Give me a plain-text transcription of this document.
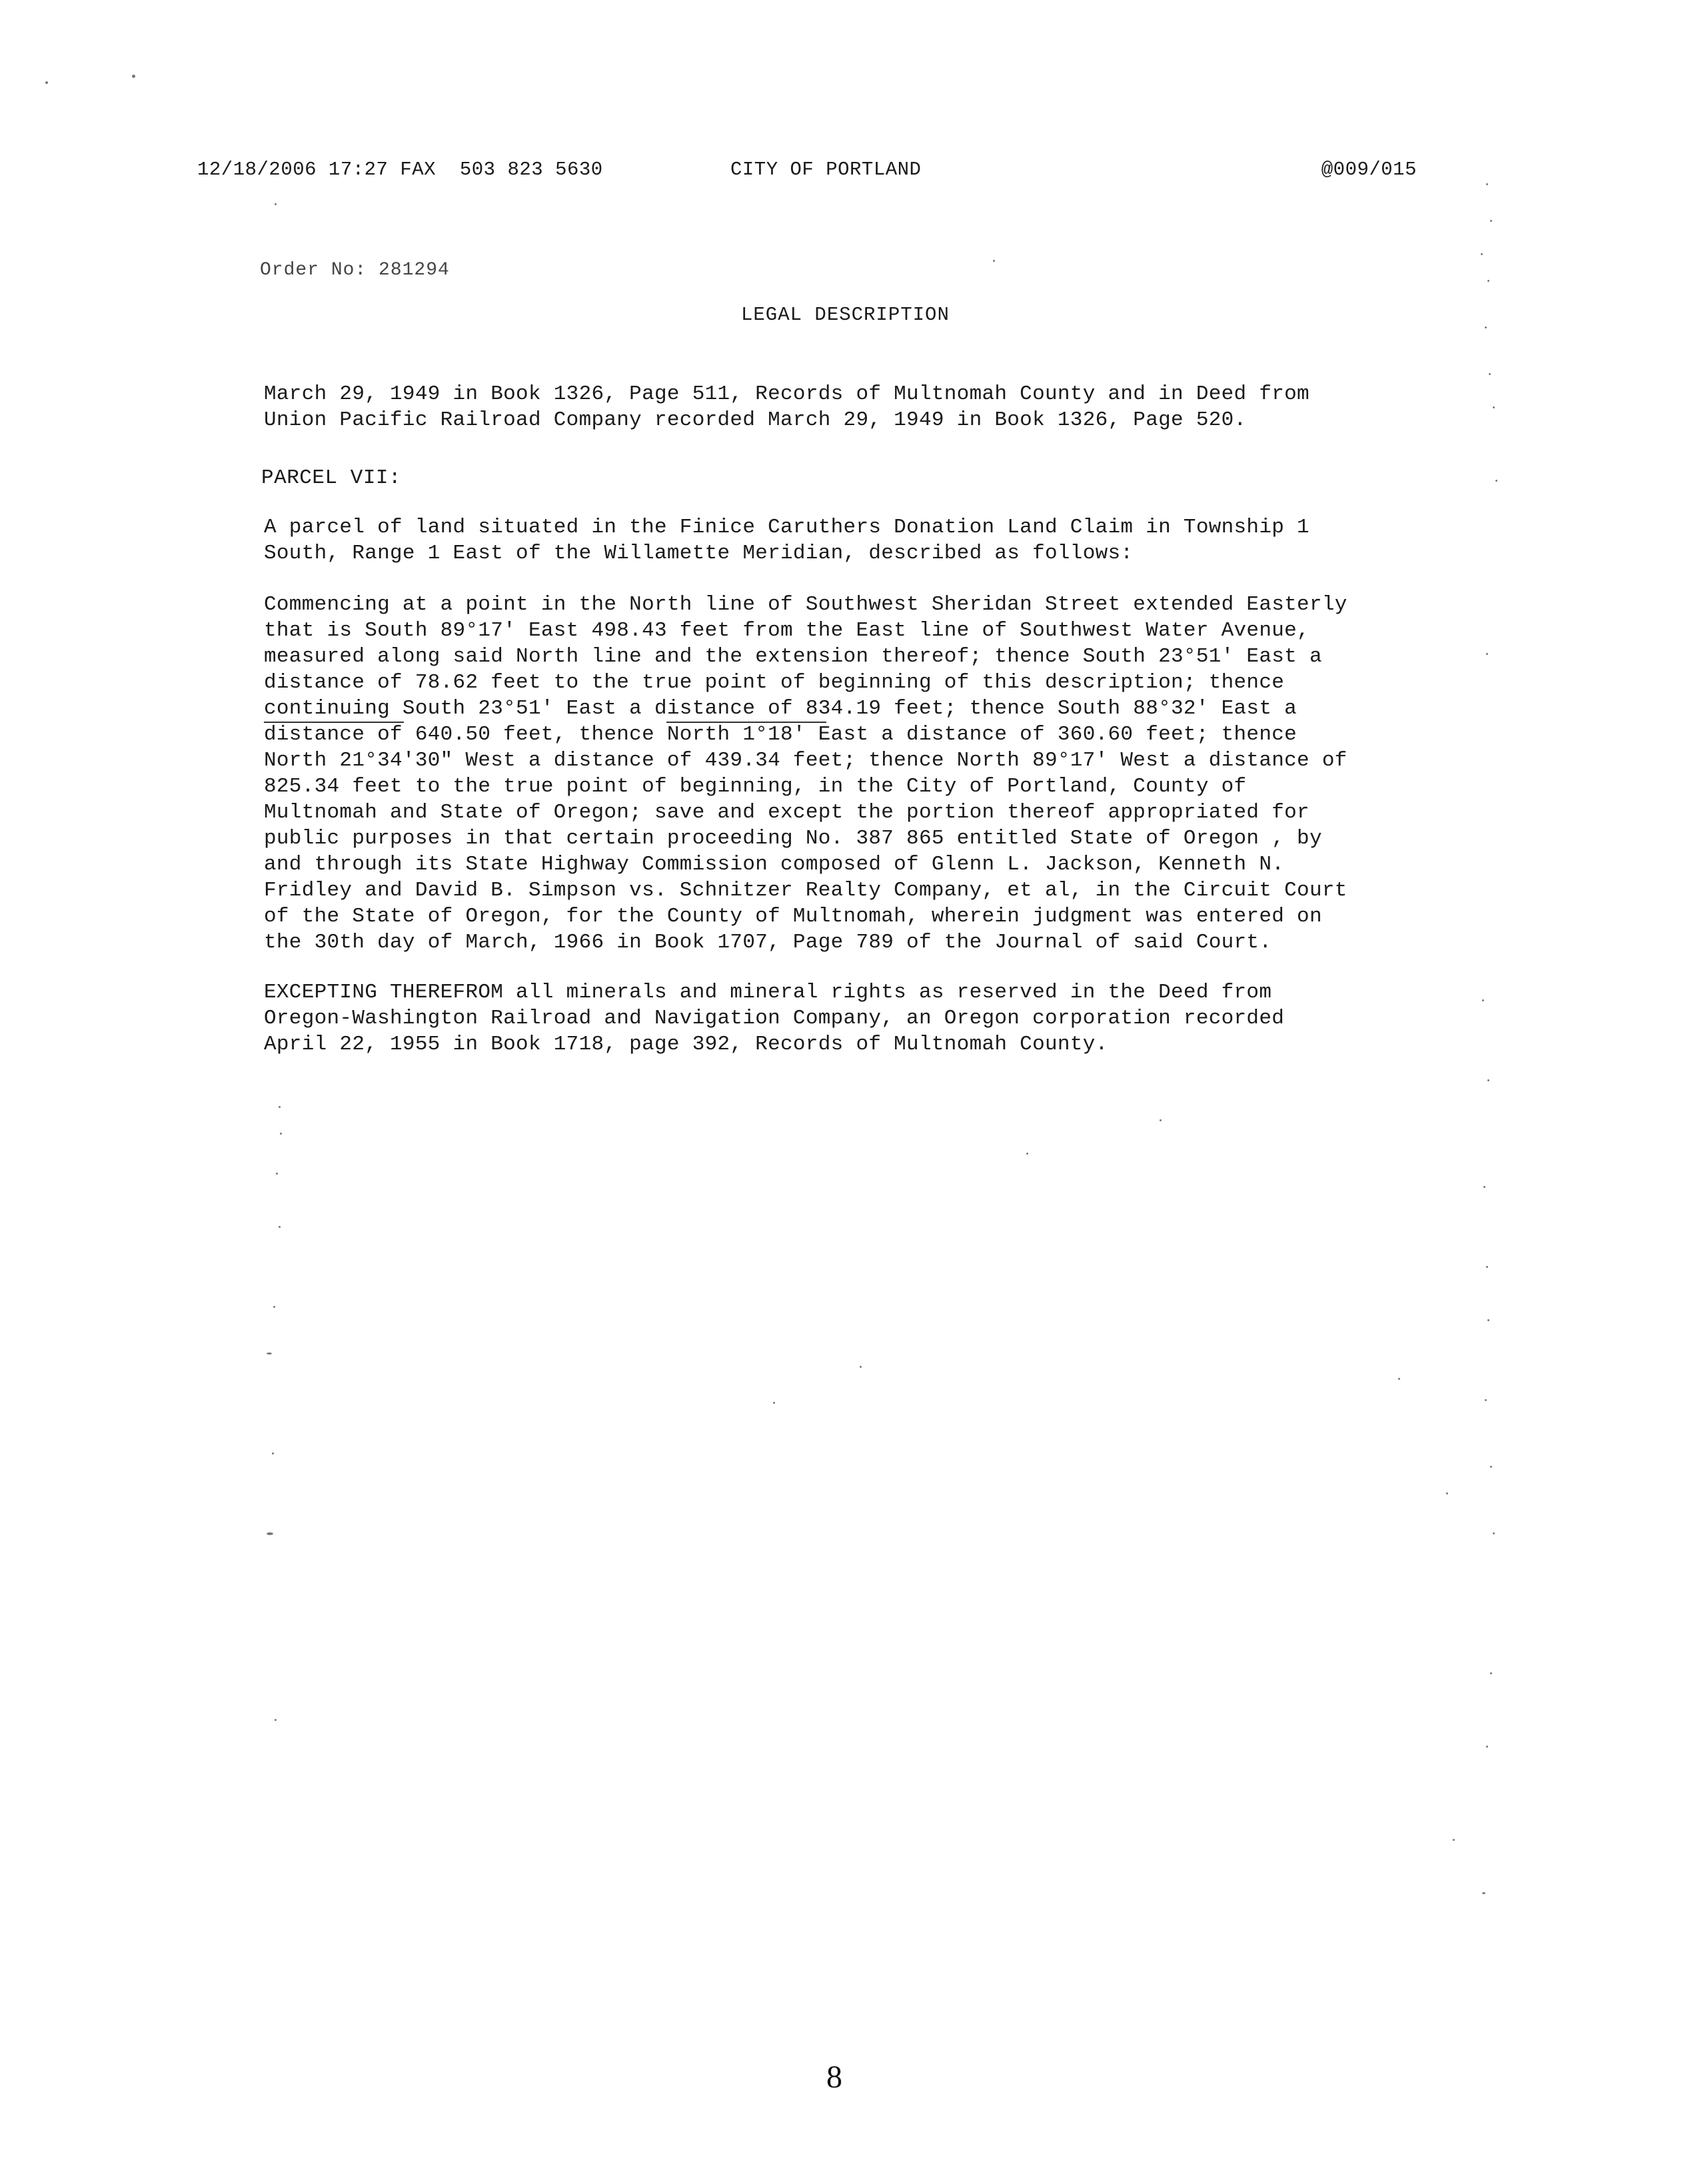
12/18/2006 17:27 FAX 503 823 5630	CITY OF PORTLAND	@009/015
Order No: 281294
LEGAL DESCRIPTION
March 29, 1949 in Book 1326, Page 511, Records of Multnomah County and in Deed from
Union Pacific Railroad Company recorded March 29, 1949 in Book 1326, Page 520.
PARCEL VII:
A parcel of land situated in the Finice Caruthers Donation Land Claim in Township 1
South, Range 1 East of the Willamette Meridian, described as follows:
Commencing at a point in the North line of Southwest Sheridan Street extended Easterly
that is South 89°17' East 498.43 feet from the East line of Southwest Water Avenue,
measured along said North line and the extension thereof; thence South 23°51' East a
distance of 78.62 feet to the true point of beginning of this description; thence
continuing South 23°51' East a distance of 834.19 feet; thence South 88°32' East a
distance of 640.50 feet, thence North 1°18' East a distance of 360.60 feet; thence
North 21°34'30" West a distance of 439.34 feet; thence North 89°17' West a distance of
825.34 feet to the true point of beginning, in the City of Portland, County of
Multnomah and State of Oregon; save and except the portion thereof appropriated for
public purposes in that certain proceeding No. 387 865 entitled State of Oregon , by
and through its State Highway Commission composed of Glenn L. Jackson, Kenneth N.
Fridley and David B. Simpson vs. Schnitzer Realty Company, et al, in the Circuit Court
of the State of Oregon, for the County of Multnomah, wherein judgment was entered on
the 30th day of March, 1966 in Book 1707, Page 789 of the Journal of said Court.
EXCEPTING THEREFROM all minerals and mineral rights as reserved in the Deed from
Oregon-Washington Railroad and Navigation Company, an Oregon corporation recorded
April 22, 1955 in Book 1718, page 392, Records of Multnomah County.
8
